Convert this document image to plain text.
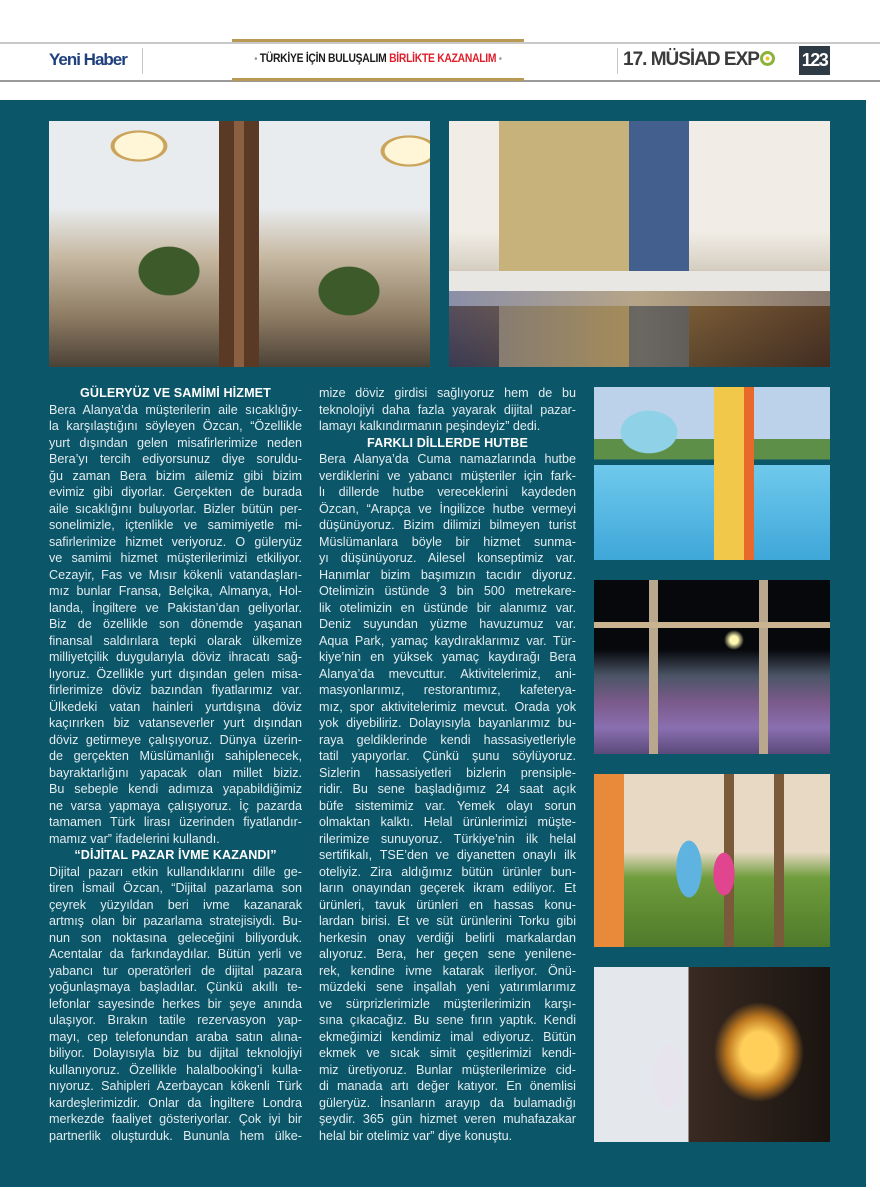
Yeni Haber	• TÜRKİYE İÇİN BULUŞALIM BİRLİKTE KAZANALIM •	17. MÜSİAD EXP	123
GÜLERYÜZ VE SAMİMİ HİZMET
Bera Alanya’da müşterilerin aile sıcaklığıy-
la karşılaştığını söyleyen Özcan, “Özellikle
yurt dışından gelen misafirlerimize neden
Bera’yı tercih ediyorsunuz diye soruldu-
ğu zaman Bera bizim ailemiz gibi bizim
evimiz gibi diyorlar. Gerçekten de burada
aile sıcaklığını buluyorlar. Bizler bütün per-
sonelimizle, içtenlikle ve samimiyetle mi-
safirlerimize hizmet veriyoruz. O güleryüz
ve samimi hizmet müşterilerimizi etkiliyor.
Cezayir, Fas ve Mısır kökenli vatandaşları-
mız bunlar Fransa, Belçika, Almanya, Hol-
landa, İngiltere ve Pakistan’dan geliyorlar.
Biz de özellikle son dönemde yaşanan
finansal saldırılara tepki olarak ülkemize
milliyetçilik duygularıyla döviz ihracatı sağ-
lıyoruz. Özellikle yurt dışından gelen misa-
firlerimize döviz bazından fiyatlarımız var.
Ülkedeki vatan hainleri yurtdışına döviz
kaçırırken biz vatanseverler yurt dışından
döviz getirmeye çalışıyoruz. Dünya üzerin-
de gerçekten Müslümanlığı sahiplenecek,
bayraktarlığını yapacak olan millet biziz.
Bu sebeple kendi adımıza yapabildiğimiz
ne varsa yapmaya çalışıyoruz. İç pazarda
tamamen Türk lirası üzerinden fiyatlandır-
mamız var” ifadelerini kullandı.
“DİJİTAL PAZAR İVME KAZANDI”
Dijital pazarı etkin kullandıklarını dille ge-
tiren İsmail Özcan, “Dijital pazarlama son
çeyrek yüzyıldan beri ivme kazanarak
artmış olan bir pazarlama stratejisiydi. Bu-
nun son noktasına geleceğini biliyorduk.
Acentalar da farkındaydılar. Bütün yerli ve
yabancı tur operatörleri de dijital pazara
yoğunlaşmaya başladılar. Çünkü akıllı te-
lefonlar sayesinde herkes bir şeye anında
ulaşıyor. Bırakın tatile rezervasyon yap-
mayı, cep telefonundan araba satın alına-
biliyor. Dolayısıyla biz bu dijital teknolojiyi
kullanıyoruz. Özellikle halalbooking’i kulla-
nıyoruz. Sahipleri Azerbaycan kökenli Türk
kardeşlerimizdir. Onlar da İngiltere Londra
merkezde faaliyet gösteriyorlar. Çok iyi bir
partnerlik oluşturduk. Bununla hem ülke-
mize döviz girdisi sağlıyoruz hem de bu
teknolojiyi daha fazla yayarak dijital pazar-
lamayı kalkındırmanın peşindeyiz” dedi.
FARKLI DİLLERDE HUTBE
Bera Alanya’da Cuma namazlarında hutbe
verdiklerini ve yabancı müşteriler için fark-
lı dillerde hutbe vereceklerini kaydeden
Özcan, “Arapça ve İngilizce hutbe vermeyi
düşünüyoruz. Bizim dilimizi bilmeyen turist
Müslümanlara böyle bir hizmet sunma-
yı düşünüyoruz. Ailesel konseptimiz var.
Hanımlar bizim başımızın tacıdır diyoruz.
Otelimizin üstünde 3 bin 500 metrekare-
lik otelimizin en üstünde bir alanımız var.
Deniz suyundan yüzme havuzumuz var.
Aqua Park, yamaç kaydıraklarımız var. Tür-
kiye’nin en yüksek yamaç kaydırağı Bera
Alanya’da mevcuttur. Aktivitelerimiz, ani-
masyonlarımız, restorantımız, kafeterya-
mız, spor aktivitelerimiz mevcut. Orada yok
yok diyebiliriz. Dolayısıyla bayanlarımız bu-
raya geldiklerinde kendi hassasiyetleriyle
tatil yapıyorlar. Çünkü şunu söylüyoruz.
Sizlerin hassasiyetleri bizlerin prensiple-
ridir. Bu sene başladığımız 24 saat açık
büfe sistemimiz var. Yemek olayı sorun
olmaktan kalktı. Helal ürünlerimizi müşte-
rilerimize sunuyoruz. Türkiye’nin ilk helal
sertifikalı, TSE’den ve diyanetten onaylı ilk
oteliyiz. Zira aldığımız bütün ürünler bun-
ların onayından geçerek ikram ediliyor. Et
ürünleri, tavuk ürünleri en hassas konu-
lardan birisi. Et ve süt ürünlerini Torku gibi
herkesin onay verdiği belirli markalardan
alıyoruz. Bera, her geçen sene yenilene-
rek, kendine ivme katarak ilerliyor. Önü-
müzdeki sene inşallah yeni yatırımlarımız
ve sürprizlerimizle müşterilerimizin karşı-
sına çıkacağız. Bu sene fırın yaptık. Kendi
ekmeğimizi kendimiz imal ediyoruz. Bütün
ekmek ve sıcak simit çeşitlerimizi kendi-
miz üretiyoruz. Bunlar müşterilerimize cid-
di manada artı değer katıyor. En önemlisi
güleryüz. İnsanların arayıp da bulamadığı
şeydir. 365 gün hizmet veren muhafazakar
helal bir otelimiz var” diye konuştu.
